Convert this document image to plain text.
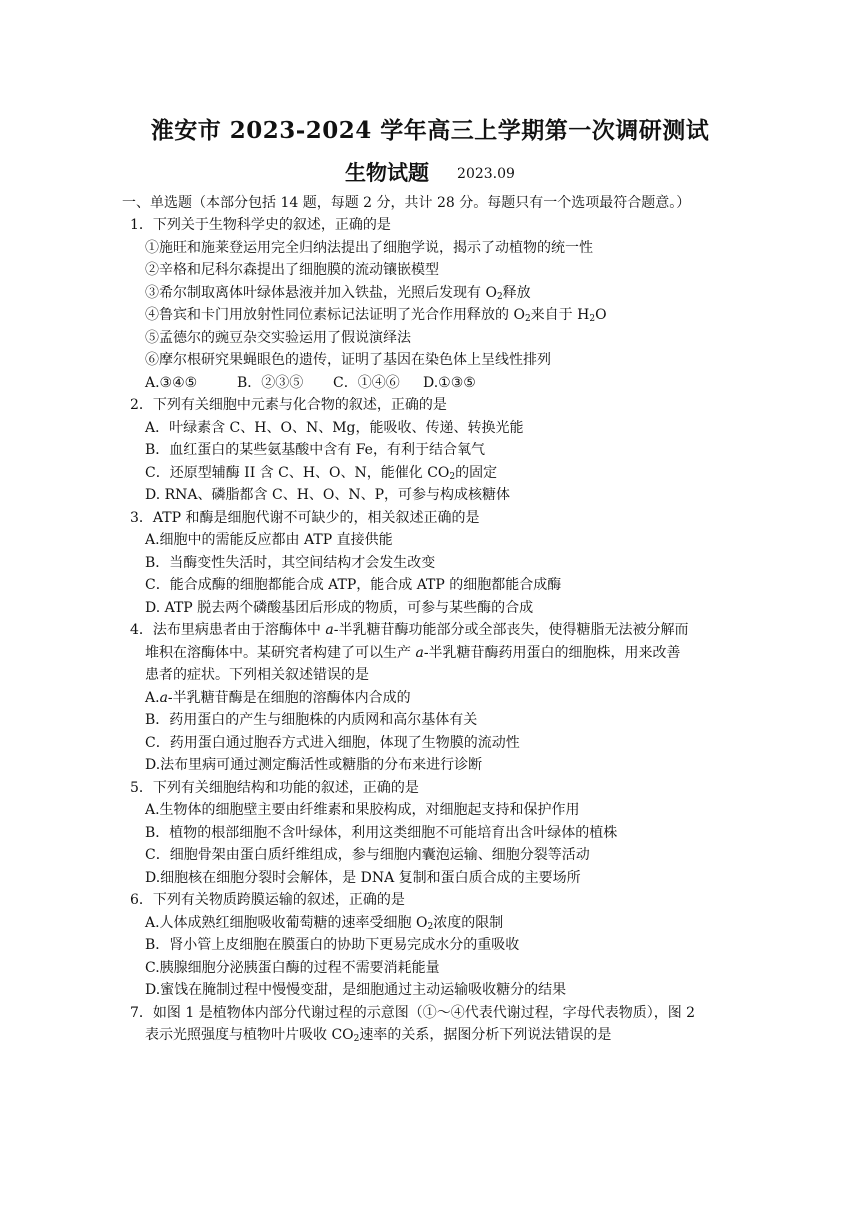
淮安市 2023-2024 学年高三上学期第一次调研测试
生物试题 2023.09
一、单选题（本部分包括 14 题，每题 2 分，共计 28 分。每题只有一个选项最符合题意。）
1．下列关于生物科学史的叙述，正确的是
①施旺和施莱登运用完全归纳法提出了细胞学说，揭示了动植物的统一性
②辛格和尼科尔森提出了细胞膜的流动镶嵌模型
③希尔制取离体叶绿体悬液并加入铁盐，光照后发现有 $O_2$释放
④鲁宾和卡门用放射性同位素标记法证明了光合作用释放的 $O_2$来自于 $H_2O$
⑤孟德尔的豌豆杂交实验运用了假说演绎法
⑥摩尔根研究果蝇眼色的遗传，证明了基因在染色体上呈线性排列
A.③④⑤	B．②③⑤ C．①④⑥ D.①③⑤
2．下列有关细胞中元素与化合物的叙述，正确的是
A．叶绿素含 C、H、O、N、Mg，能吸收、传递、转换光能
B．血红蛋白的某些氨基酸中含有 Fe，有利于结合氧气
C．还原型辅酶 II 含 C、H、O、N，能催化 $CO_2$的固定
D. RNA、磷脂都含 C、H、O、N、P，可参与构成核糖体
3．ATP 和酶是细胞代谢不可缺少的，相关叙述正确的是
A.细胞中的需能反应都由 ATP 直接供能
B．当酶变性失活时，其空间结构才会发生改变
C．能合成酶的细胞都能合成 ATP，能合成 ATP 的细胞都能合成酶
D. ATP 脱去两个磷酸基团后形成的物质，可参与某些酶的合成
4．法布里病患者由于溶酶体中 a-半乳糖苷酶功能部分或全部丧失，使得糖脂无法被分解而
堆积在溶酶体中。某研究者构建了可以生产 a-半乳糖苷酶药用蛋白的细胞株，用来改善
患者的症状。下列相关叙述错误的是
A.a-半乳糖苷酶是在细胞的溶酶体内合成的
B．药用蛋白的产生与细胞株的内质网和高尔基体有关
C．药用蛋白通过胞吞方式进入细胞，体现了生物膜的流动性
D.法布里病可通过测定酶活性或糖脂的分布来进行诊断
5．下列有关细胞结构和功能的叙述，正确的是
A.生物体的细胞壁主要由纤维素和果胶构成，对细胞起支持和保护作用
B．植物的根部细胞不含叶绿体，利用这类细胞不可能培育出含叶绿体的植株
C．细胞骨架由蛋白质纤维组成，参与细胞内囊泡运输、细胞分裂等活动
D.细胞核在细胞分裂时会解体，是 DNA 复制和蛋白质合成的主要场所
6．下列有关物质跨膜运输的叙述，正确的是
A.人体成熟红细胞吸收葡萄糖的速率受细胞 $O_2$浓度的限制
B．肾小管上皮细胞在膜蛋白的协助下更易完成水分的重吸收
C.胰腺细胞分泌胰蛋白酶的过程不需要消耗能量
D.蜜饯在腌制过程中慢慢变甜，是细胞通过主动运输吸收糖分的结果
7．如图 1 是植物体内部分代谢过程的示意图（①～④代表代谢过程，字母代表物质），图 2
表示光照强度与植物叶片吸收 $CO_2$速率的关系，据图分析下列说法错误的是
